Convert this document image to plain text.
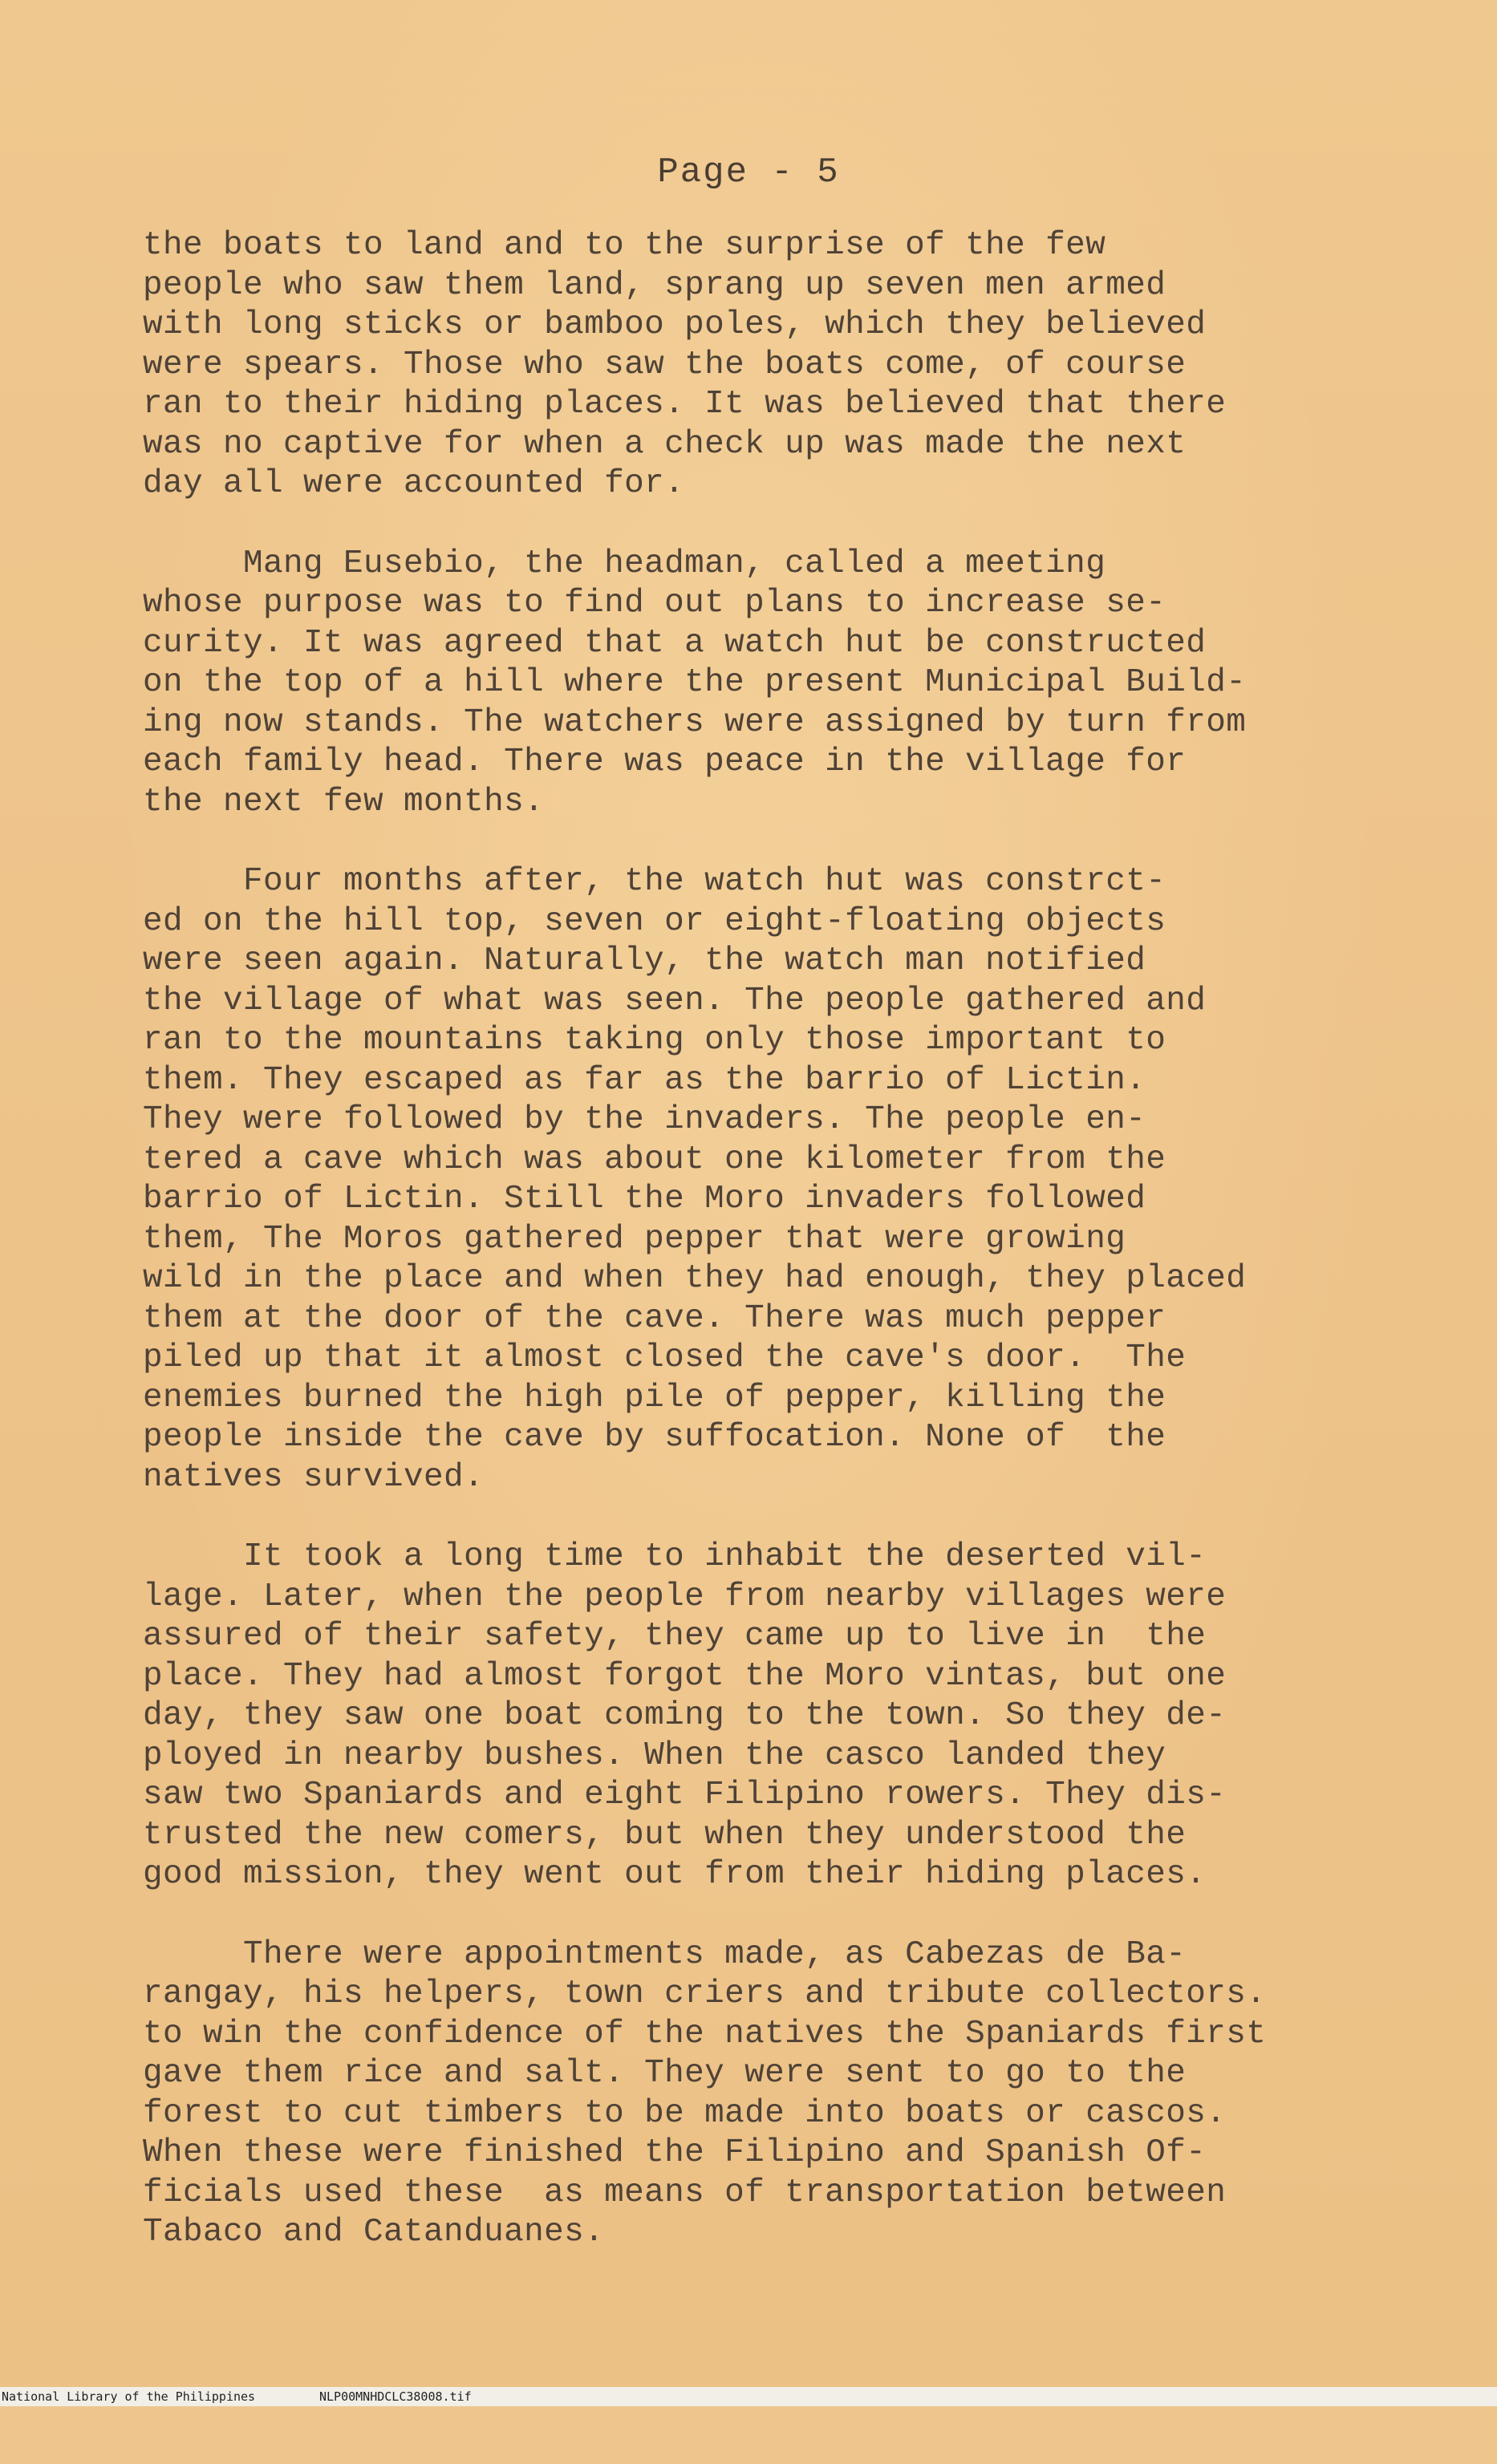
Page - 5
the boats to land and to the surprise of the few
people who saw them land, sprang up seven men armed
with long sticks or bamboo poles, which they believed
were spears. Those who saw the boats come, of course
ran to their hiding places. It was believed that there
was no captive for when a check up was made the next
day all were accounted for.
Mang Eusebio, the headman, called a meeting
whose purpose was to find out plans to increase se-
curity. It was agreed that a watch hut be constructed
on the top of a hill where the present Municipal Build-
ing now stands. The watchers were assigned by turn from
each family head. There was peace in the village for
the next few months.
Four months after, the watch hut was constrct-
ed on the hill top, seven or eight-floating objects
were seen again. Naturally, the watch man notified
the village of what was seen. The people gathered and
ran to the mountains taking only those important to
them. They escaped as far as the barrio of Lictin.
They were followed by the invaders. The people en-
tered a cave which was about one kilometer from the
barrio of Lictin. Still the Moro invaders followed
them, The Moros gathered pepper that were growing
wild in the place and when they had enough, they placed
them at the door of the cave. There was much pepper
piled up that it almost closed the cave's door.  The
enemies burned the high pile of pepper, killing the
people inside the cave by suffocation. None of  the
natives survived.
It took a long time to inhabit the deserted vil-
lage. Later, when the people from nearby villages were
assured of their safety, they came up to live in  the
place. They had almost forgot the Moro vintas, but one
day, they saw one boat coming to the town. So they de-
ployed in nearby bushes. When the casco landed they
saw two Spaniards and eight Filipino rowers. They dis-
trusted the new comers, but when they understood the
good mission, they went out from their hiding places.
There were appointments made, as Cabezas de Ba-
rangay, his helpers, town criers and tribute collectors.
to win the confidence of the natives the Spaniards first
gave them rice and salt. They were sent to go to the
forest to cut timbers to be made into boats or cascos.
When these were finished the Filipino and Spanish Of-
ficials used these  as means of transportation between
Tabaco and Catanduanes.

National Library of the Philippines

	NLP00MNHDCLC38008.tif
